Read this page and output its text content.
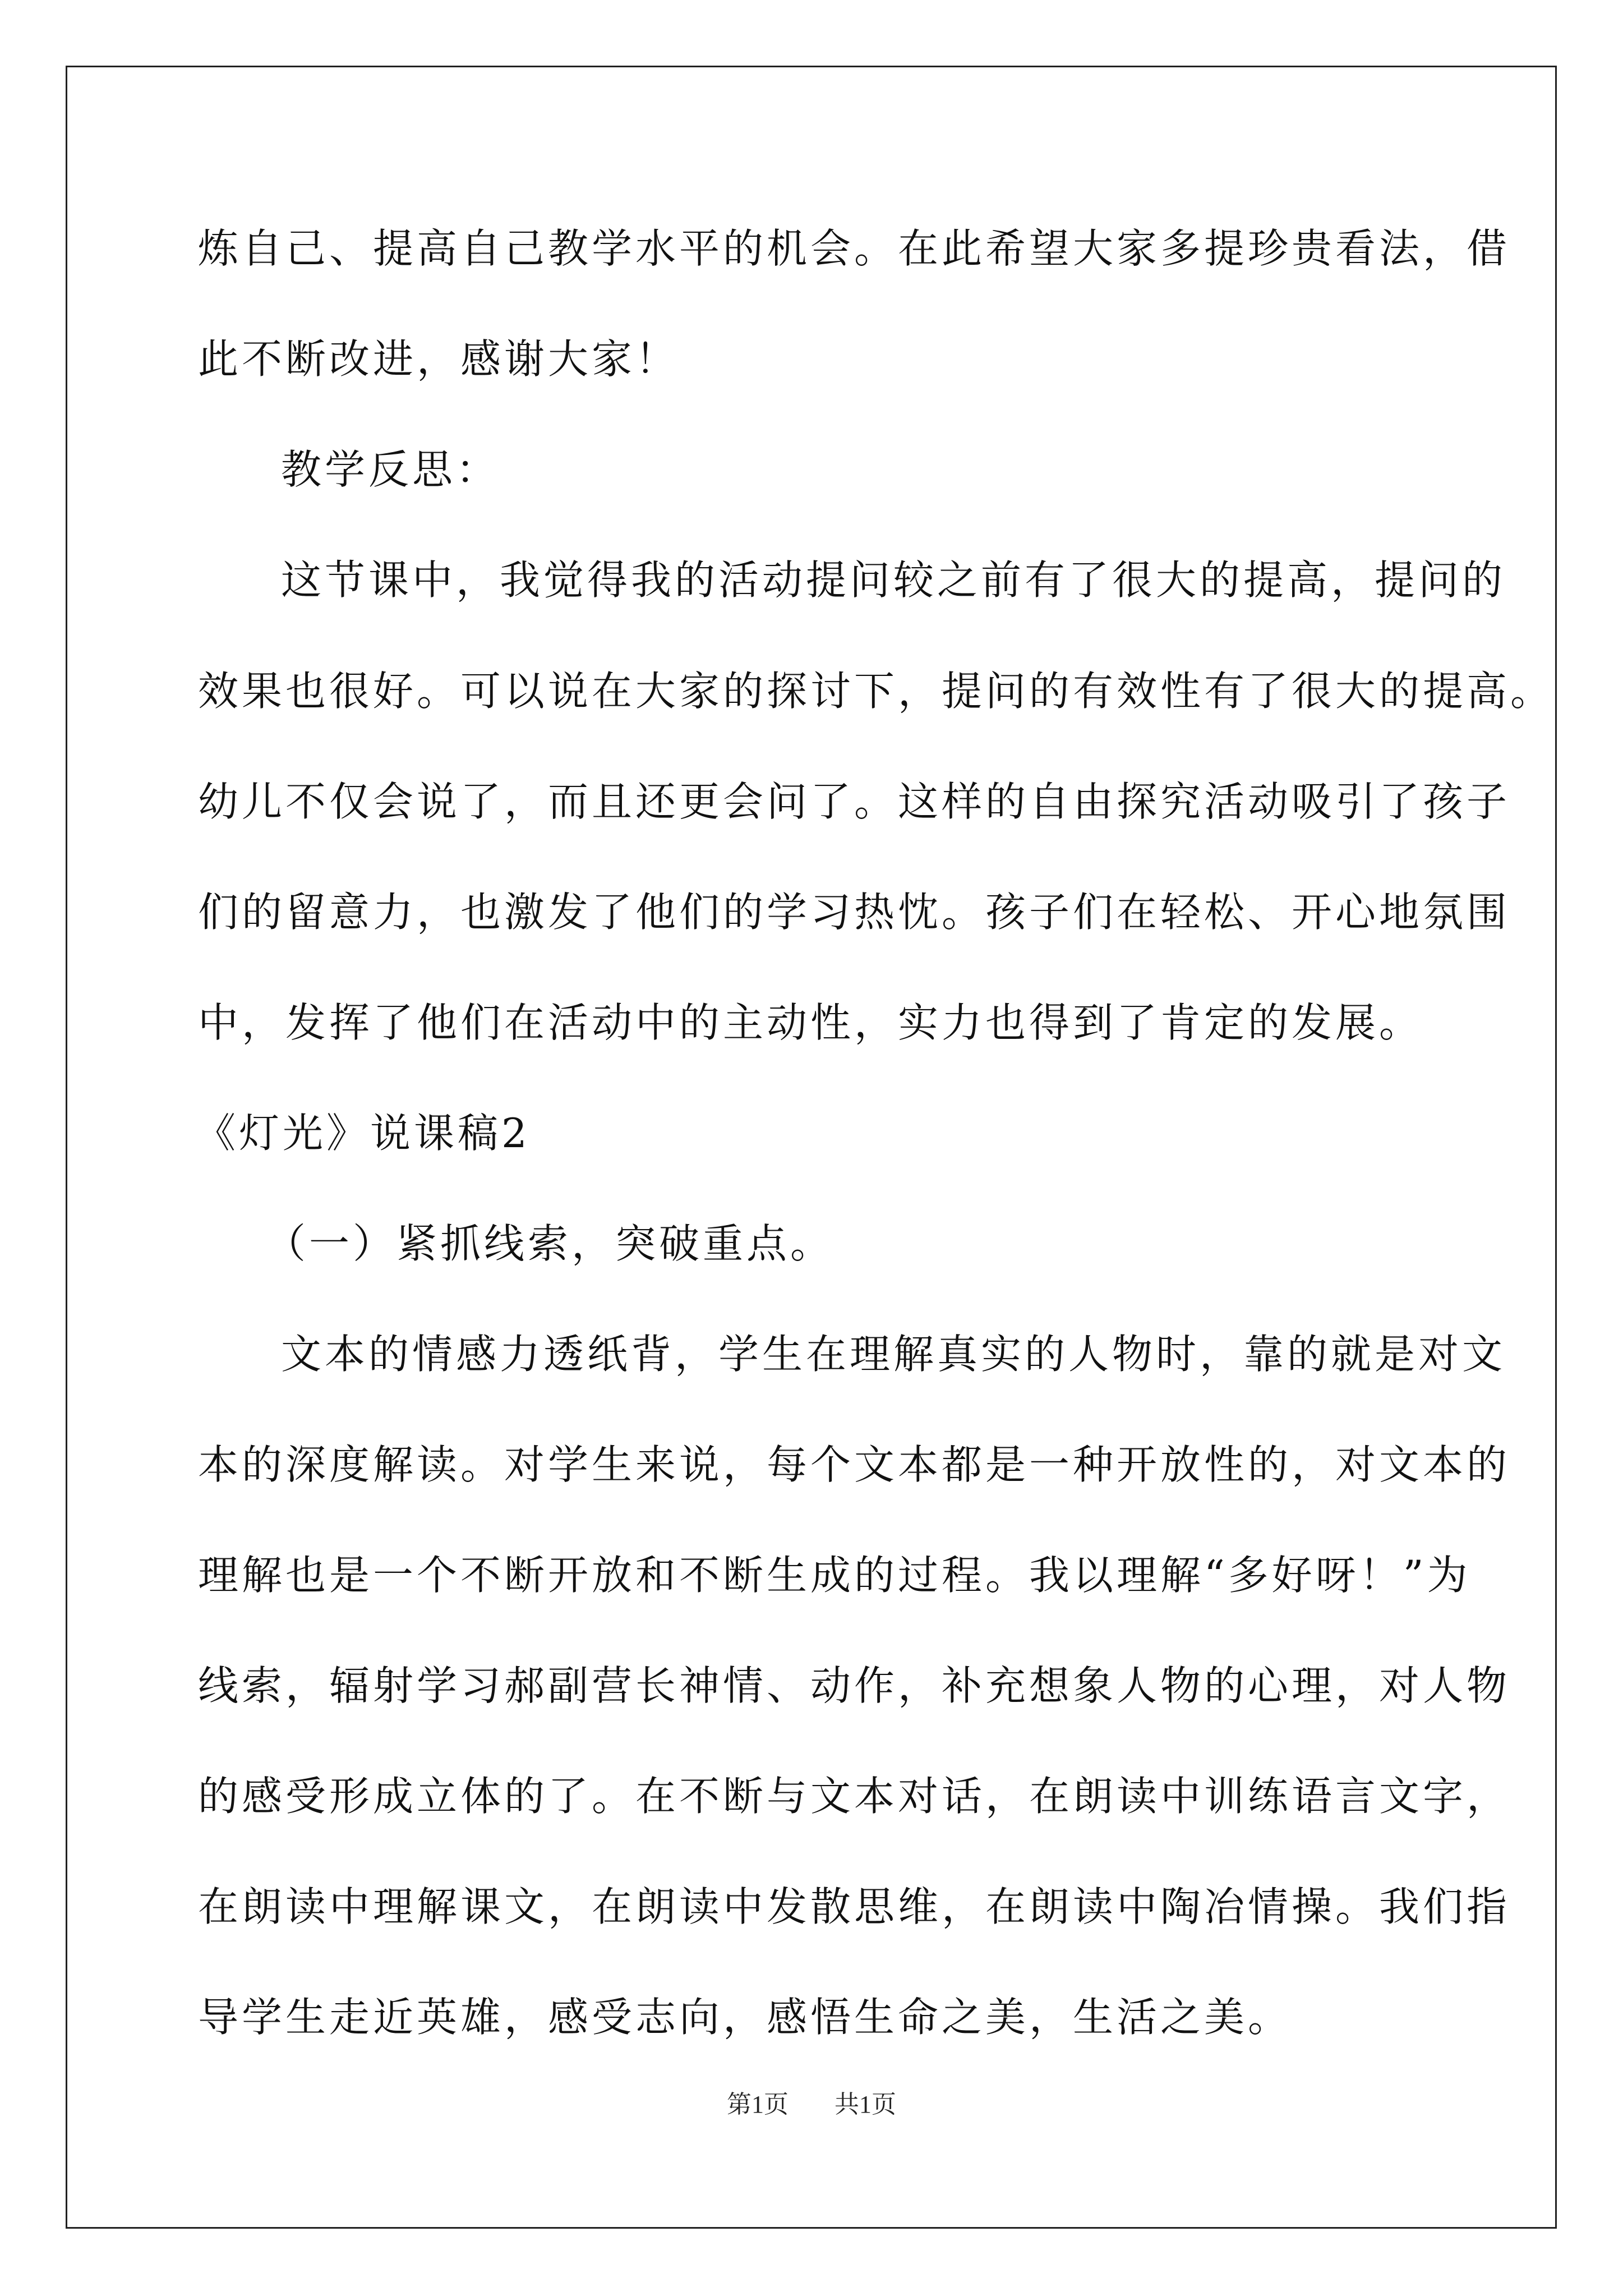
炼自己、提高自己教学水平的机会。在此希望大家多提珍贵看法，借
此不断改进，感谢大家！
教学反思：
这节课中，我觉得我的活动提问较之前有了很大的提高，提问的
效果也很好。可以说在大家的探讨下，提问的有效性有了很大的提高。
幼儿不仅会说了，而且还更会问了。这样的自由探究活动吸引了孩子
们的留意力，也激发了他们的学习热忱。孩子们在轻松、开心地氛围
中，发挥了他们在活动中的主动性，实力也得到了肯定的发展。
《灯光》说课稿2
（一）紧抓线索，突破重点。
文本的情感力透纸背，学生在理解真实的人物时，靠的就是对文
本的深度解读。对学生来说，每个文本都是一种开放性的，对文本的
理解也是一个不断开放和不断生成的过程。我以理解“多好呀！”为
线索，辐射学习郝副营长神情、动作，补充想象人物的心理，对人物
的感受形成立体的了。在不断与文本对话，在朗读中训练语言文字，
在朗读中理解课文，在朗读中发散思维，在朗读中陶冶情操。我们指
导学生走近英雄，感受志向，感悟生命之美，生活之美。
第1页 共1页
